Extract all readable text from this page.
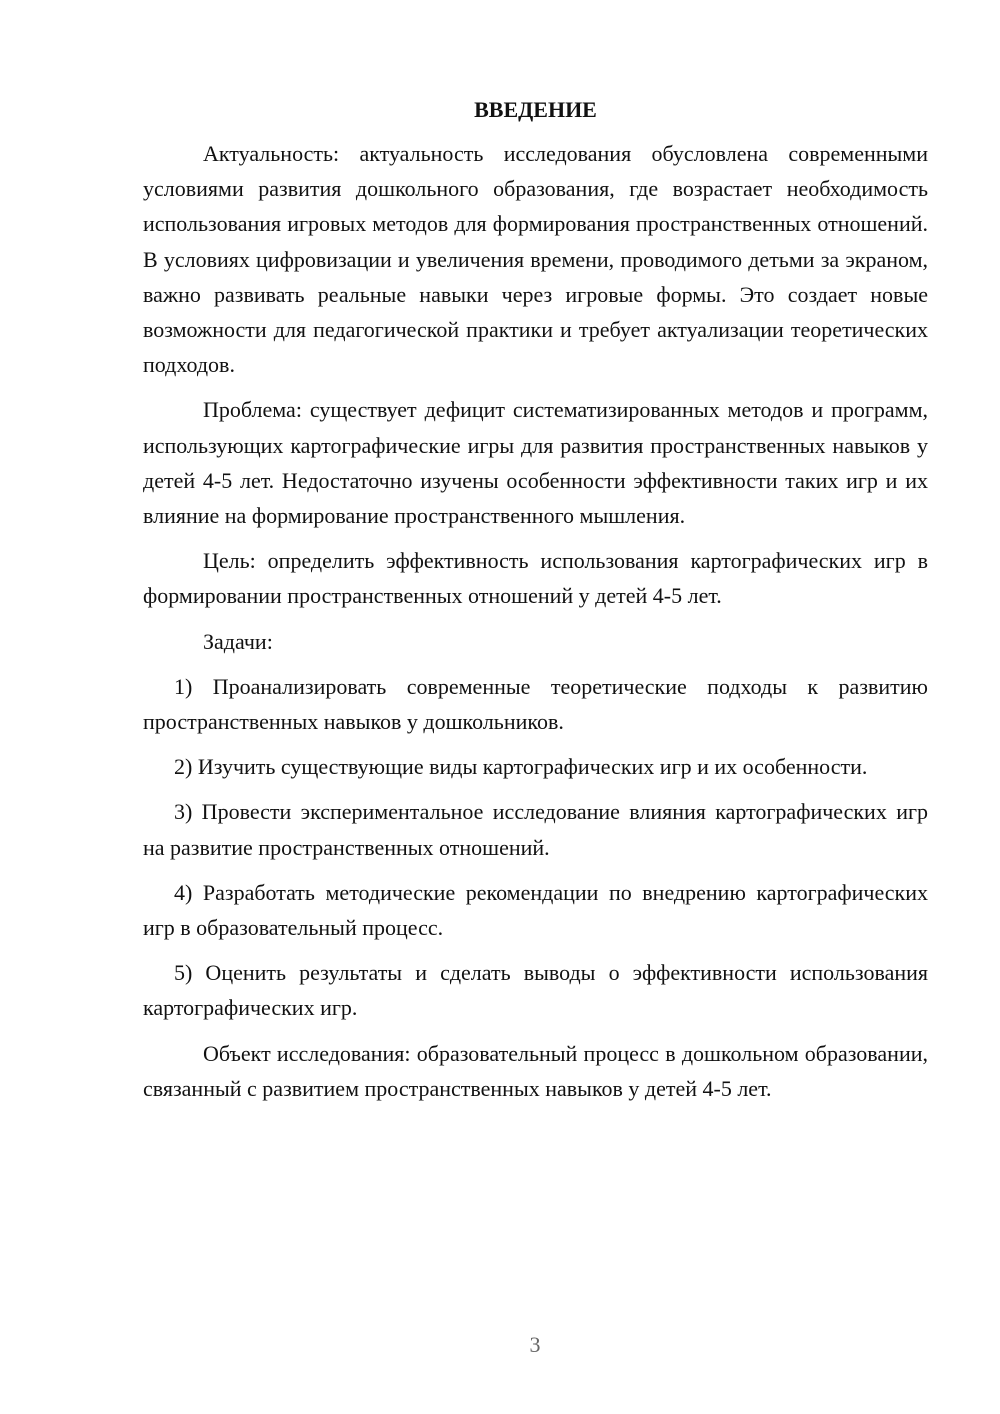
ВВЕДЕНИЕ

Актуальность: актуальность исследования обусловлена современными условиями развития дошкольного образования, где возрастает необходимость использования игровых методов для формирования пространственных отношений. В условиях цифровизации и увеличения времени, проводимого детьми за экраном, важно развивать реальные навыки через игровые формы. Это создает новые возможности для педагогической практики и требует актуализации теоретических подходов.

Проблема: существует дефицит систематизированных методов и программ, использующих картографические игры для развития пространственных навыков у детей 4-5 лет. Недостаточно изучены особенности эффективности таких игр и их влияние на формирование пространственного мышления.

Цель: определить эффективность использования картографических игр в формировании пространственных отношений у детей 4-5 лет.

Задачи:

1) Проанализировать современные теоретические подходы к развитию пространственных навыков у дошкольников.

2) Изучить существующие виды картографических игр и их особенности.

3) Провести экспериментальное исследование влияния картографических игр на развитие пространственных отношений.

4) Разработать методические рекомендации по внедрению картографических игр в образовательный процесс.

5) Оценить результаты и сделать выводы о эффективности использования картографических игр.

Объект исследования: образовательный процесс в дошкольном образовании, связанный с развитием пространственных навыков у детей 4-5 лет.

3
